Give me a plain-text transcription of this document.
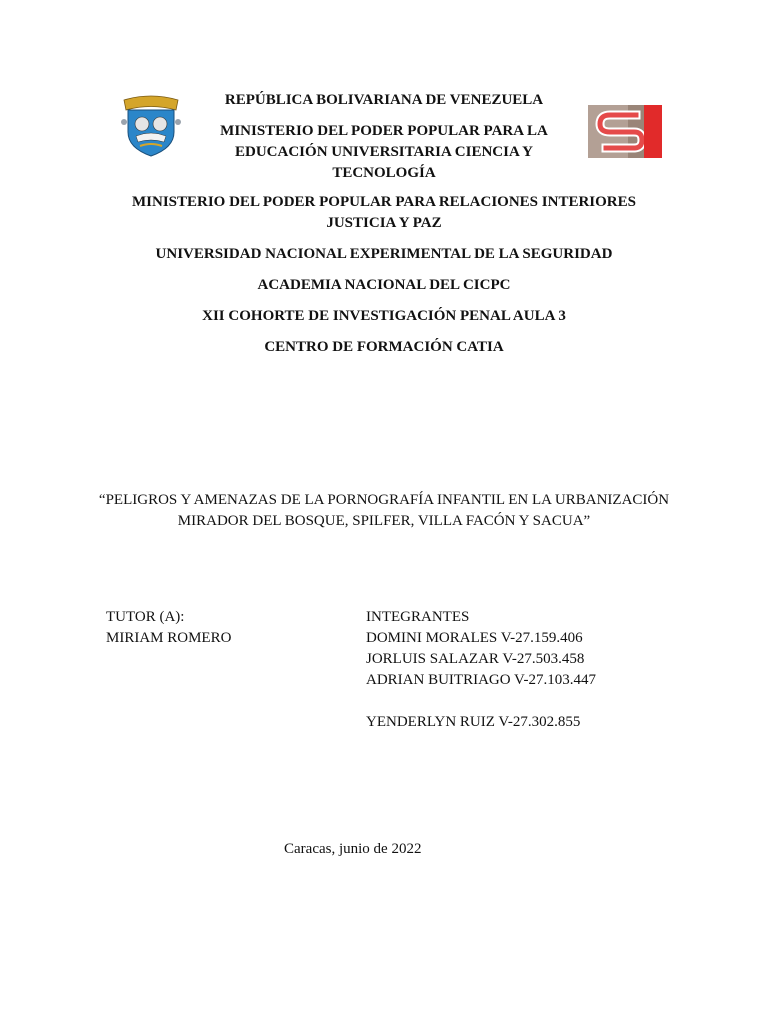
REPÚBLICA BOLIVARIANA DE VENEZUELA
MINISTERIO DEL PODER POPULAR PARA LA EDUCACIÓN UNIVERSITARIA CIENCIA Y TECNOLOGÍA
MINISTERIO DEL PODER POPULAR PARA RELACIONES INTERIORES JUSTICIA Y PAZ
UNIVERSIDAD NACIONAL EXPERIMENTAL DE LA SEGURIDAD
ACADEMIA NACIONAL DEL CICPC
XII COHORTE DE INVESTIGACIÓN PENAL AULA 3
CENTRO DE FORMACIÓN CATIA
“PELIGROS Y AMENAZAS DE LA PORNOGRAFÍA INFANTIL EN LA URBANIZACIÓN MIRADOR DEL BOSQUE, SPILFER, VILLA FACÓN Y SACUA”
TUTOR (A):
MIRIAM ROMERO
INTEGRANTES
DOMINI MORALES V-27.159.406
JORLUIS SALAZAR V-27.503.458
ADRIAN BUITRIAGO V-27.103.447
YENDERLYN RUIZ V-27.302.855
Caracas, junio de 2022
